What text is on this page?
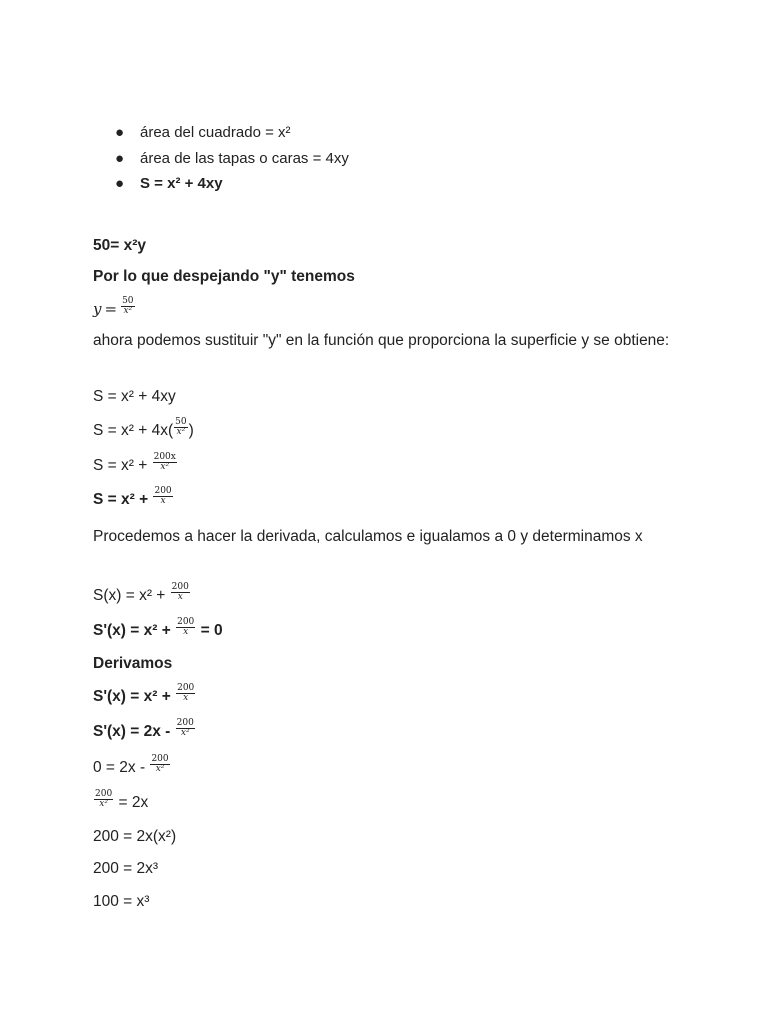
● área del cuadrado = x²
● área de las tapas o caras = 4xy
● S = x² + 4xy
50= x²y
Por lo que despejando "y" tenemos
$y = \frac{50}{\text{x²}}$
ahora podemos sustituir "y" en la función que proporciona la superficie y se obtiene:
S = x² + 4xy
$S = x^2 + 4x( \frac{50}{\text{x²}}$ )
$S = x^2 + \frac{200x}{\text{x²}}$
$S = x^2 + \frac{200}{x}$
Procedemos a hacer la derivada, calculamos e igualamos a 0 y determinamos x
$S(x) = x^2 + \frac{200}{x}$
$S'(x) = x^2 + \frac{200}{x} = 0$
Derivamos
$S'(x) = x^2 + \frac{200}{x}$
$S'(x) = 2x - \frac{200}{\text{x²}}$
$0 = 2x - \frac{200}{\text{x²}}$
$\frac{200}{\text{x²}} = 2x$
200 = 2x(x²)
200 = 2x³
100 = x³
